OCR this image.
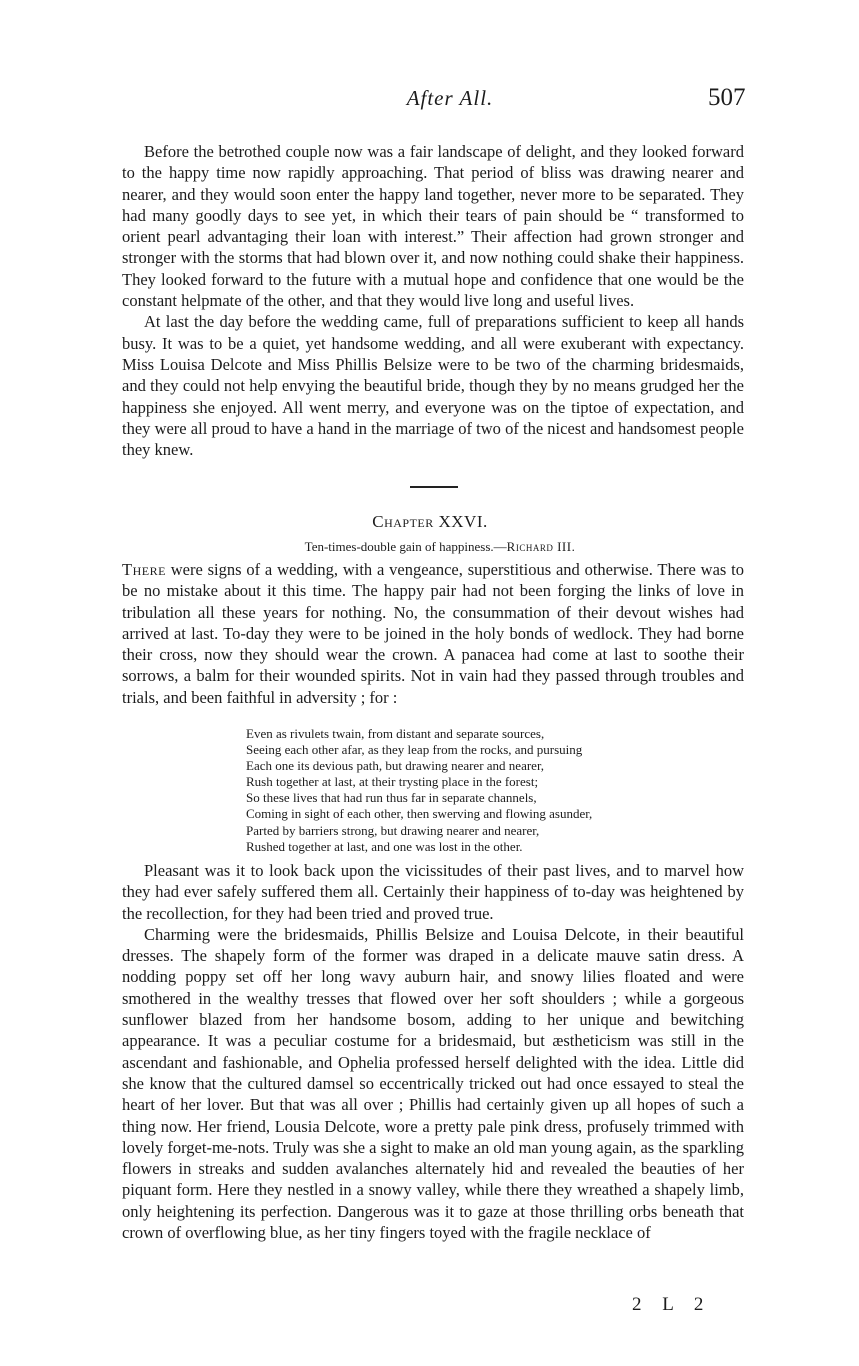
After All.	507

Before the betrothed couple now was a fair landscape of delight, and they looked forward to the happy time now rapidly approaching. That period of bliss was drawing nearer and nearer, and they would soon enter the happy land together, never more to be separated. They had many goodly days to see yet, in which their tears of pain should be “ transformed to orient pearl advantaging their loan with interest.” Their affection had grown stronger and stronger with the storms that had blown over it, and now nothing could shake their happiness. They looked forward to the future with a mutual hope and confidence that one would be the constant helpmate of the other, and that they would live long and useful lives.

At last the day before the wedding came, full of preparations sufficient to keep all hands busy. It was to be a quiet, yet handsome wedding, and all were exuberant with expectancy. Miss Louisa Delcote and Miss Phillis Belsize were to be two of the charming bridesmaids, and they could not help envying the beautiful bride, though they by no means grudged her the happiness she enjoyed. All went merry, and everyone was on the tiptoe of expectation, and they were all proud to have a hand in the marriage of two of the nicest and handsomest people they knew.

Chapter XXVI.
Ten-times-double gain of happiness.—Richard III.

There were signs of a wedding, with a vengeance, superstitious and otherwise. There was to be no mistake about it this time. The happy pair had not been forging the links of love in tribulation all these years for nothing. No, the consummation of their devout wishes had arrived at last. To-day they were to be joined in the holy bonds of wedlock. They had borne their cross, now they should wear the crown. A panacea had come at last to soothe their sorrows, a balm for their wounded spirits. Not in vain had they passed through troubles and trials, and been faithful in adversity ; for :

Even as rivulets twain, from distant and separate sources,
Seeing each other afar, as they leap from the rocks, and pursuing
Each one its devious path, but drawing nearer and nearer,
Rush together at last, at their trysting place in the forest;
So these lives that had run thus far in separate channels,
Coming in sight of each other, then swerving and flowing asunder,
Parted by barriers strong, but drawing nearer and nearer,
Rushed together at last, and one was lost in the other.

Pleasant was it to look back upon the vicissitudes of their past lives, and to marvel how they had ever safely suffered them all. Certainly their happiness of to-day was heightened by the recollection, for they had been tried and proved true.

Charming were the bridesmaids, Phillis Belsize and Louisa Delcote, in their beautiful dresses. The shapely form of the former was draped in a delicate mauve satin dress. A nodding poppy set off her long wavy auburn hair, and snowy lilies floated and were smothered in the wealthy tresses that flowed over her soft shoulders ; while a gorgeous sunflower blazed from her handsome bosom, adding to her unique and bewitching appearance. It was a peculiar costume for a bridesmaid, but æstheticism was still in the ascendant and fashionable, and Ophelia professed herself delighted with the idea. Little did she know that the cultured damsel so eccentrically tricked out had once essayed to steal the heart of her lover. But that was all over ; Phillis had certainly given up all hopes of such a thing now. Her friend, Lousia Delcote, wore a pretty pale pink dress, profusely trimmed with lovely forget-me-nots. Truly was she a sight to make an old man young again, as the sparkling flowers in streaks and sudden avalanches alternately hid and revealed the beauties of her piquant form. Here they nestled in a snowy valley, while there they wreathed a shapely limb, only heightening its perfection. Dangerous was it to gaze at those thrilling orbs beneath that crown of overflowing blue, as her tiny fingers toyed with the fragile necklace of

2 L 2
